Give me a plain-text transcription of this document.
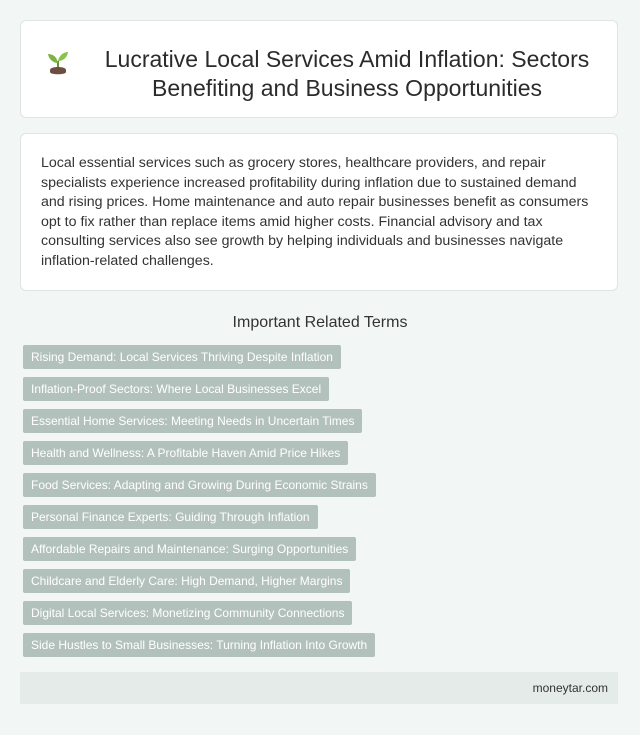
Lucrative Local Services Amid Inflation: Sectors Benefiting and Business Opportunities

Local essential services such as grocery stores, healthcare providers, and repair specialists experience increased profitability during inflation due to sustained demand and rising prices. Home maintenance and auto repair businesses benefit as consumers opt to fix rather than replace items amid higher costs. Financial advisory and tax consulting services also see growth by helping individuals and businesses navigate inflation-related challenges.

Important Related Terms
Rising Demand: Local Services Thriving Despite Inflation
Inflation-Proof Sectors: Where Local Businesses Excel
Essential Home Services: Meeting Needs in Uncertain Times
Health and Wellness: A Profitable Haven Amid Price Hikes
Food Services: Adapting and Growing During Economic Strains
Personal Finance Experts: Guiding Through Inflation
Affordable Repairs and Maintenance: Surging Opportunities
Childcare and Elderly Care: High Demand, Higher Margins
Digital Local Services: Monetizing Community Connections
Side Hustles to Small Businesses: Turning Inflation Into Growth
moneytar.com
